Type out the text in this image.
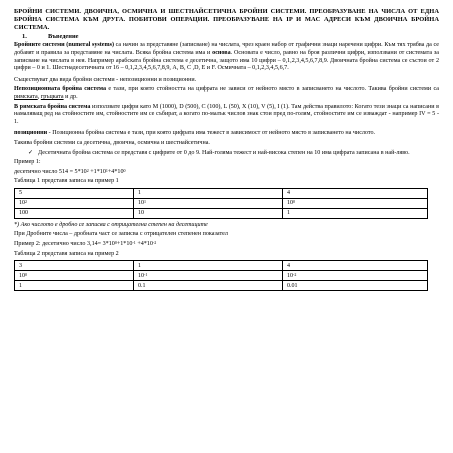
БРОЙНИ СИСТЕМИ. ДВОИЧНА, ОСМИЧНА И ШЕСТНАЙСЕТИЧНА БРОЙНИ СИСТЕМИ. ПРЕОБРАЗУВАНЕ НА ЧИСЛА ОТ ЕДНА БРОЙНА СИСТЕМА КЪМ ДРУГА. ПОБИТОВИ ОПЕРАЦИИ. ПРЕОБРАЗУВАНЕ НА IP И MAC АДРЕСИ КЪМ ДВОИЧНА БРОЙНА СИСТЕМА.
1.	Въведение

Бройните системи (numeral systems) са начин за представяне (записване) на числата, чрез краен набор от графични знаци наречени цифри. Към тях трябва да се добавят и правила за представяне на числата. Всяка бройна система има и основа. Основата е число, равно на броя различни цифри, използвани от системата за записване на числата в нея. Например арабската бройна система е десетична, защото има 10 цифри – 0,1,2,3,4,5,6,7,8,9. Двоичната бройна система се състои от 2 цифри – 0 и 1. Шестнадесетичната от 16 – 0,1,2,3,4,5,6,7,8,9, A, B, C ,D, E и F. Осмичната – 0,1,2,3,4,5,6,7.

Съществуват два вида бройни системи - непозиционни и позиционни.

Непозиционната бройна система е тази, при която стойността на цифрата не зависи от нейното място в записването на числото. Такива бройни системи са римската, гръцката и др.

В римската бройна система използвате цифри като M (1000), D (500), C (100), L (50), X (10), V (5), I (1). Там действа правилото: Когато тези знаци са написани в намаляващ ред на стойностите им, стойностите им се събират, а когато по-малък числов знак стои пред по-голям, стойностите им се изваждат - например IV = 5 - 1.

позиционни - Позиционна бройна система е тази, при която цифрата има тежест в зависимост от нейното място в записването на числото.

Такива бройни системи са десетична, двоична, осмична и шестнайсетична.

✓ Десетичната бройна система се представя с цифрите от 0 до 9. Най-голяма тежест и най-висока степен на 10 има цифрата записана в най-ляво.

Пример 1:

десетично число $514 = 5*10^2 +1*10^1+4*10^0$

Таблица 1 представя записа на пример 1

5	1	4
$10^2$	$10^1$	$10^0$
100	10	1
*) Ако числото е дробно се записва с отрицателна степен на десетиците

При Дробните числа – дробната част се записва с отрицателен степенен показател

Пример 2: десетично число $3,14= 3*10^0+1*10^{-1} +4*10^{-2}$

Таблица 2 представя записа на пример 2

3	1	4
$10^0$	$10^{-1}$	$10^{-2}$
1	0.1	0.01
